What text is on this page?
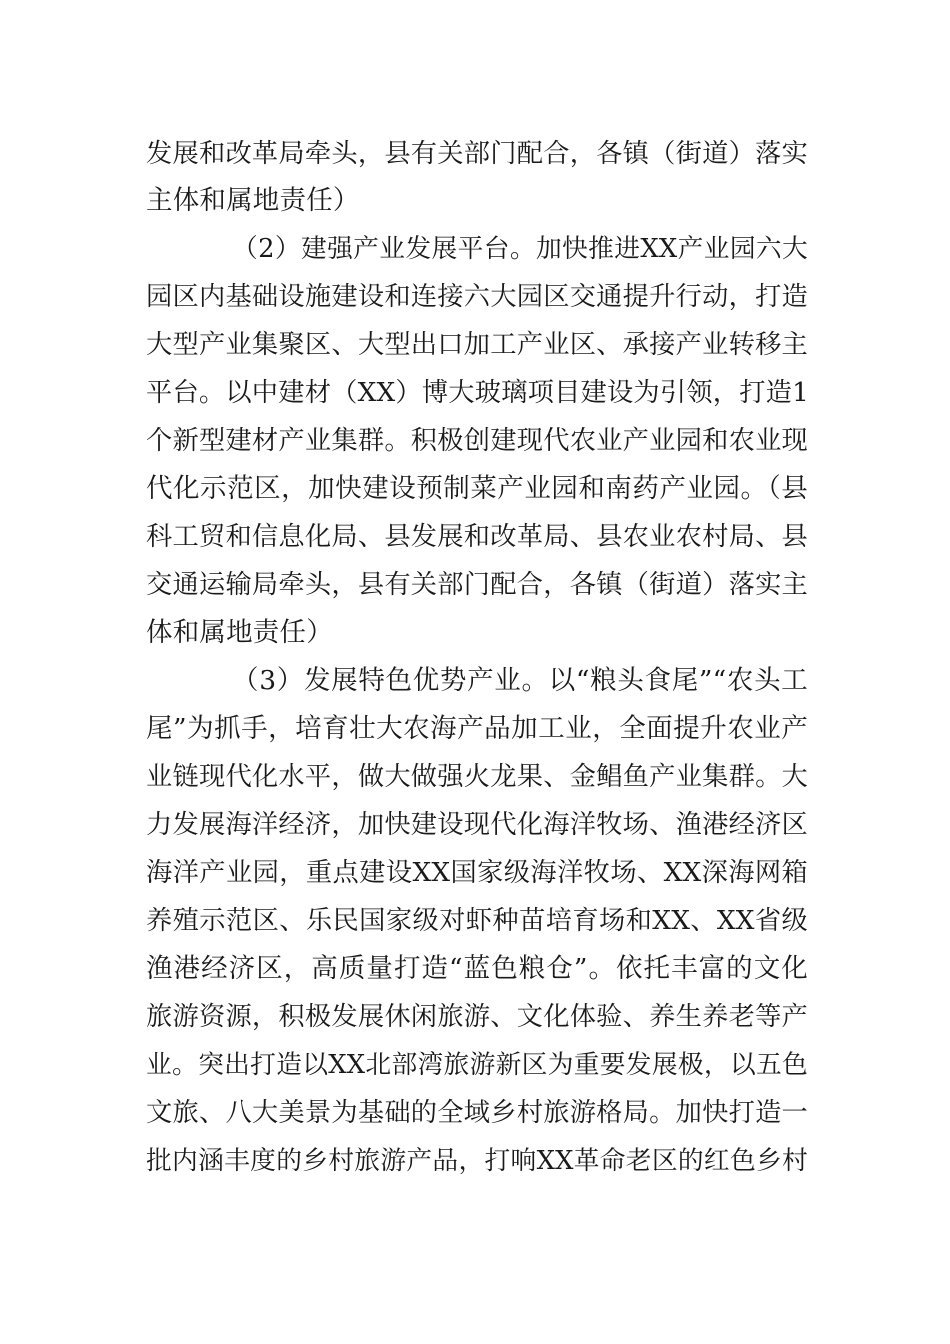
发展和改革局牵头，县有关部门配合，各镇（街道）落实

主体和属地责任）

（2）建强产业发展平台。加快推进XX产业园六大

园区内基础设施建设和连接六大园区交通提升行动，打造

大型产业集聚区、大型出口加工产业区、承接产业转移主

平台。以中建材（XX）博大玻璃项目建设为引领，打造1

个新型建材产业集群。积极创建现代农业产业园和农业现

代化示范区，加快建设预制菜产业园和南药产业园。（县

科工贸和信息化局、县发展和改革局、县农业农村局、县

交通运输局牵头，县有关部门配合，各镇（街道）落实主

体和属地责任）

（3）发展特色优势产业。以“粮头食尾”“农头工

尾”为抓手，培育壮大农海产品加工业，全面提升农业产

业链现代化水平，做大做强火龙果、金鲳鱼产业集群。大

力发展海洋经济，加快建设现代化海洋牧场、渔港经济区

海洋产业园，重点建设XX国家级海洋牧场、XX深海网箱

养殖示范区、乐民国家级对虾种苗培育场和XX、XX省级

渔港经济区，高质量打造“蓝色粮仓”。依托丰富的文化

旅游资源，积极发展休闲旅游、文化体验、养生养老等产

业。突出打造以XX北部湾旅游新区为重要发展极，以五色

文旅、八大美景为基础的全域乡村旅游格局。加快打造一

批内涵丰度的乡村旅游产品，打响XX革命老区的红色乡村
